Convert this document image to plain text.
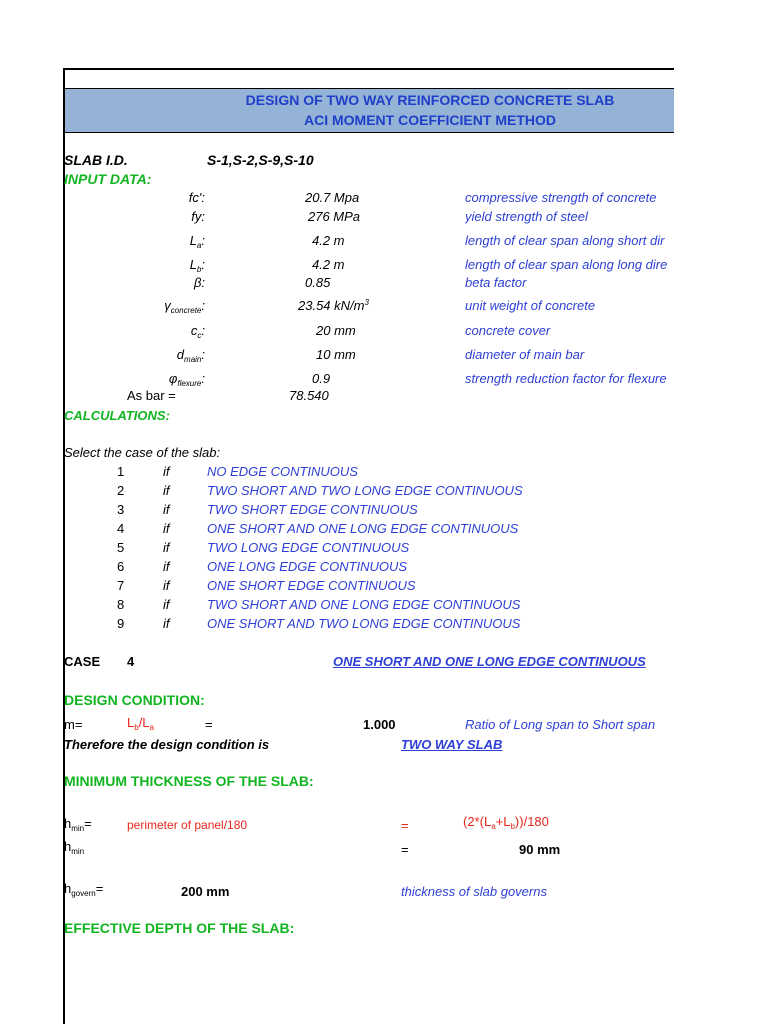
DESIGN OF TWO WAY REINFORCED CONCRETE SLAB
ACI MOMENT COEFFICIENT METHOD
SLAB I.D.	S-1,S-2,S-9,S-10
INPUT DATA:
fc':	20.7 Mpa	compressive strength of concrete
fy:	276 MPa	yield strength of steel
$L_a$:	4.2 m	length of clear span along short dir
$L_b$:	4.2 m	length of clear span along long dire
β:	0.85	beta factor
$\gamma_{concrete}$:	23.54 $kN/m^3$	unit weight of concrete
$c_c$:	20 mm	concrete cover
$d_{main}$:	10 mm	diameter of main bar
$\varphi_{flexure}$:	0.9	strength reduction factor for flexure
As bar =	78.540
CALCULATIONS:
Select the case of the slab:
1	if	NO EDGE CONTINUOUS
2	if	TWO SHORT AND TWO LONG EDGE CONTINUOUS
3	if	TWO SHORT EDGE CONTINUOUS
4	if	ONE SHORT AND ONE LONG EDGE CONTINUOUS
5	if	TWO LONG EDGE CONTINUOUS
6	if	ONE LONG EDGE CONTINUOUS
7	if	ONE SHORT EDGE CONTINUOUS
8	if	TWO SHORT AND ONE LONG EDGE CONTINUOUS
9	if	ONE SHORT AND TWO LONG EDGE CONTINUOUS
CASE 4	ONE SHORT AND ONE LONG EDGE CONTINUOUS
DESIGN CONDITION:
m=	$L_b/L_a$	=	1.000	Ratio of Long span to Short span
Therefore the design condition is	TWO WAY SLAB
MINIMUM THICKNESS OF THE SLAB:
$h_{min}=$	perimeter of panel/180	=	$(2*(L_a+L_b))/180$
$h_{min}$	=	90 mm
$h_{govern}=$	200 mm	thickness of slab governs
EFFECTIVE DEPTH OF THE SLAB:
